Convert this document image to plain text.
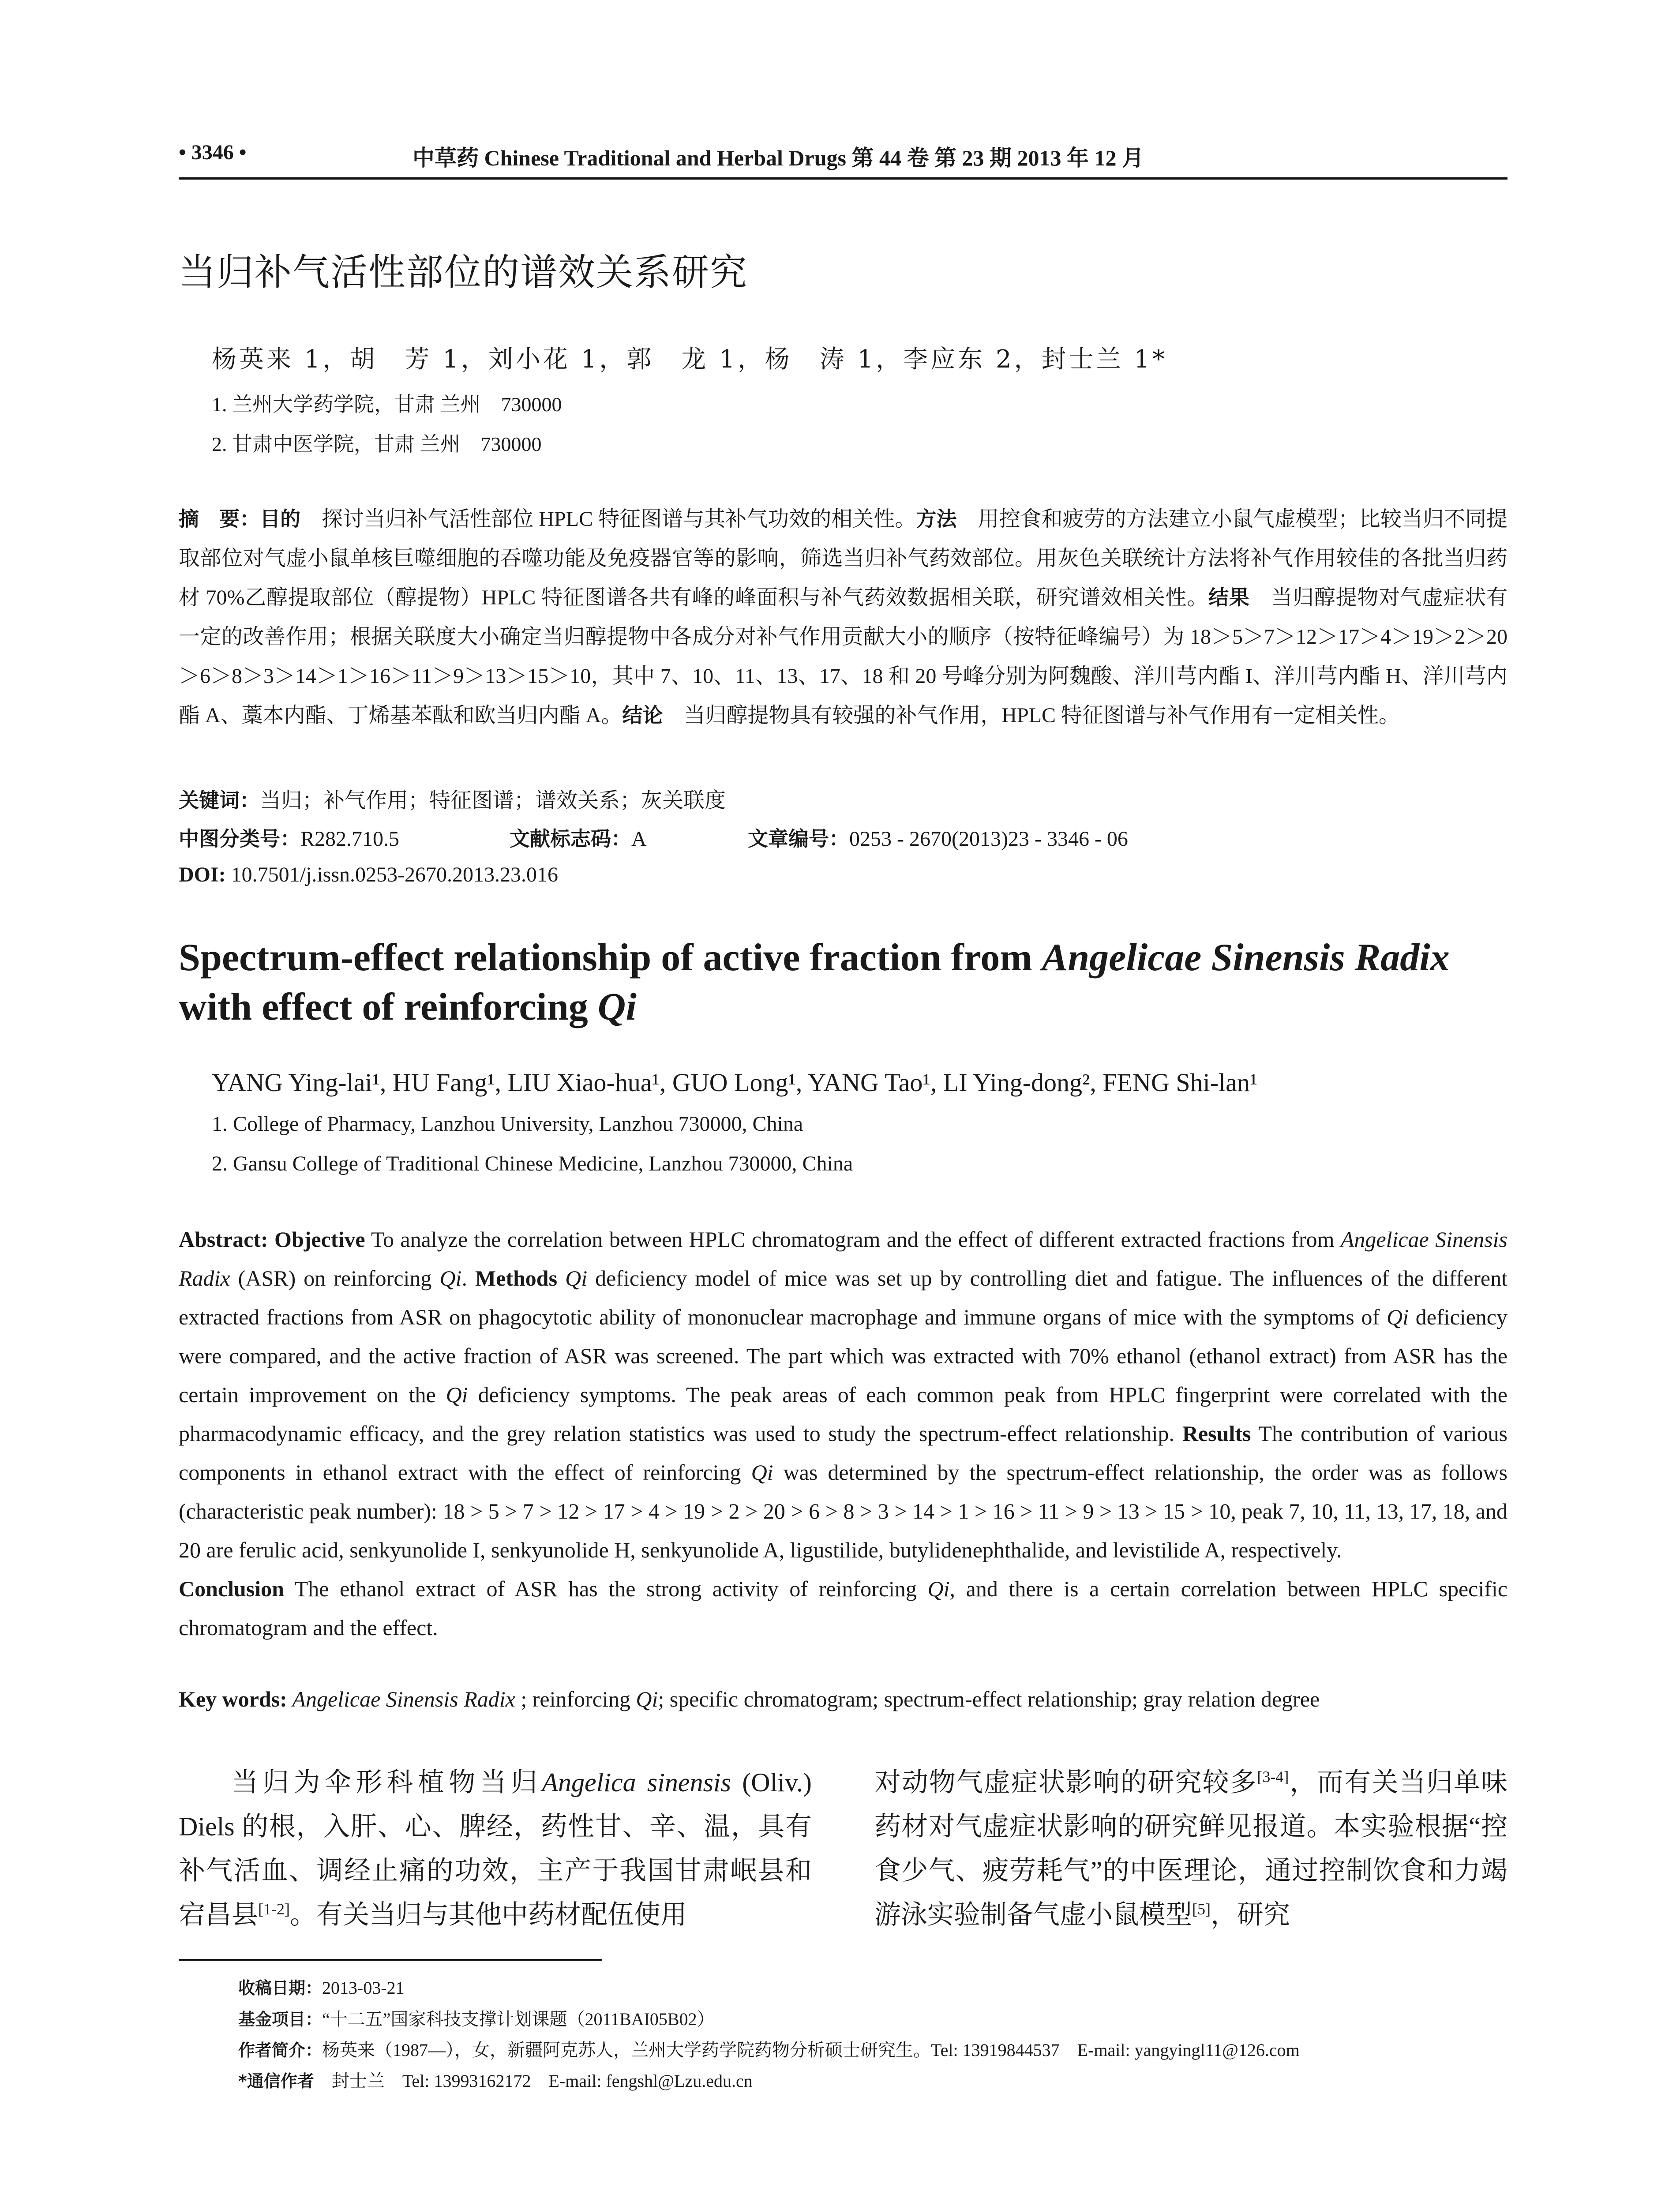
• 3346 •	中草药 Chinese Traditional and Herbal Drugs 第 44 卷 第 23 期 2013 年 12 月
当归补气活性部位的谱效关系研究
杨英来 1，胡　芳 1，刘小花 1，郭　龙 1，杨　涛 1，李应东 2，封士兰 1*
1. 兰州大学药学院，甘肃 兰州　730000
2. 甘肃中医学院，甘肃 兰州　730000
摘　要：目的　探讨当归补气活性部位 HPLC 特征图谱与其补气功效的相关性。方法　用控食和疲劳的方法建立小鼠气虚模型；比较当归不同提取部位对气虚小鼠单核巨噬细胞的吞噬功能及免疫器官等的影响，筛选当归补气药效部位。用灰色关联统计方法将补气作用较佳的各批当归药材 70%乙醇提取部位（醇提物）HPLC 特征图谱各共有峰的峰面积与补气药效数据相关联，研究谱效相关性。结果　当归醇提物对气虚症状有一定的改善作用；根据关联度大小确定当归醇提物中各成分对补气作用贡献大小的顺序（按特征峰编号）为 18＞5＞7＞12＞17＞4＞19＞2＞20＞6＞8＞3＞14＞1＞16＞11＞9＞13＞15＞10，其中 7、10、11、13、17、18 和 20 号峰分别为阿魏酸、洋川芎内酯 I、洋川芎内酯 H、洋川芎内酯 A、藁本内酯、丁烯基苯酞和欧当归内酯 A。结论　当归醇提物具有较强的补气作用，HPLC 特征图谱与补气作用有一定相关性。
关键词：当归；补气作用；特征图谱；谱效关系；灰关联度
中图分类号：R282.710.5	文献标志码：A	文章编号：0253 - 2670(2013)23 - 3346 - 06
DOI: 10.7501/j.issn.0253-2670.2013.23.016
Spectrum-effect relationship of active fraction from Angelicae Sinensis Radix
with effect of reinforcing Qi
YANG Ying-lai¹, HU Fang¹, LIU Xiao-hua¹, GUO Long¹, YANG Tao¹, LI Ying-dong², FENG Shi-lan¹
1. College of Pharmacy, Lanzhou University, Lanzhou 730000, China
2. Gansu College of Traditional Chinese Medicine, Lanzhou 730000, China
Abstract: Objective To analyze the correlation between HPLC chromatogram and the effect of different extracted fractions from Angelicae Sinensis Radix (ASR) on reinforcing Qi. Methods Qi deficiency model of mice was set up by controlling diet and fatigue. The influences of the different extracted fractions from ASR on phagocytotic ability of mononuclear macrophage and immune organs of mice with the symptoms of Qi deficiency were compared, and the active fraction of ASR was screened. The part which was extracted with 70% ethanol (ethanol extract) from ASR has the certain improvement on the Qi deficiency symptoms. The peak areas of each common peak from HPLC fingerprint were correlated with the pharmacodynamic efficacy, and the grey relation statistics was used to study the spectrum-effect relationship. Results The contribution of various components in ethanol extract with the effect of reinforcing Qi was determined by the spectrum-effect relationship, the order was as follows (characteristic peak number): 18 > 5 > 7 > 12 > 17 > 4 > 19 > 2 > 20 > 6 > 8 > 3 > 14 > 1 > 16 > 11 > 9 > 13 > 15 > 10, peak 7, 10, 11, 13, 17, 18, and 20 are ferulic acid, senkyunolide I, senkyunolide H, senkyunolide A, ligustilide, butylidenephthalide, and levistilide A, respectively.
Conclusion The ethanol extract of ASR has the strong activity of reinforcing Qi, and there is a certain correlation between HPLC specific chromatogram and the effect.
Key words: Angelicae Sinensis Radix ; reinforcing Qi; specific chromatogram; spectrum-effect relationship; gray relation degree
当归为伞形科植物当归Angelica sinensis (Oliv.) Diels 的根，入肝、心、脾经，药性甘、辛、温，具有补气活血、调经止痛的功效，主产于我国甘肃岷县和宕昌县[1-2]。有关当归与其他中药材配伍使用
对动物气虚症状影响的研究较多[3-4]，而有关当归单味药材对气虚症状影响的研究鲜见报道。本实验根据“控食少气、疲劳耗气”的中医理论，通过控制饮食和力竭游泳实验制备气虚小鼠模型[5]，研究
收稿日期：2013-03-21
基金项目：“十二五”国家科技支撑计划课题（2011BAI05B02）
作者简介：杨英来（1987—），女，新疆阿克苏人，兰州大学药学院药物分析硕士研究生。Tel: 13919844537　E-mail: yangyingl11@126.com
*通信作者　封士兰　Tel: 13993162172　E-mail: fengshl@Lzu.edu.cn
